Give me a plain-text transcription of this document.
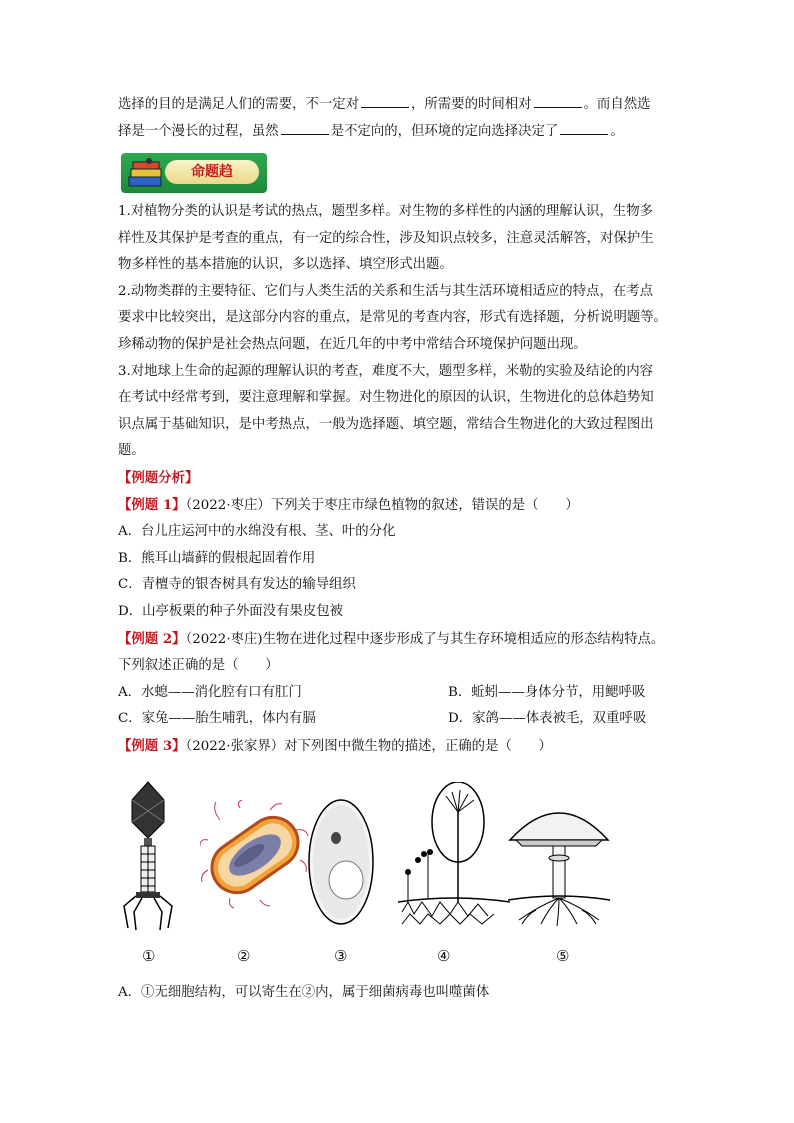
选择的目的是满足人们的需要，不一定对	，所需要的时间相对	。而自然选

择是一个漫长的过程，虽然	是不定向的，但环境的定向选择决定了	。

命题趋

1.对植物分类的认识是考试的热点，题型多样。对生物的多样性的内涵的理解认识，生物多

样性及其保护是考查的重点，有一定的综合性，涉及知识点较多，注意灵活解答，对保护生

物多样性的基本措施的认识，多以选择、填空形式出题。

2.动物类群的主要特征、它们与人类生活的关系和生活与其生活环境相适应的特点，在考点

要求中比较突出，是这部分内容的重点，是常见的考查内容，形式有选择题，分析说明题等。

珍稀动物的保护是社会热点问题，在近几年的中考中常结合环境保护问题出现。

3.对地球上生命的起源的理解认识的考查，难度不大，题型多样，米勒的实验及结论的内容

在考试中经常考到，要注意理解和掌握。对生物进化的原因的认识，生物进化的总体趋势知

识点属于基础知识，是中考热点，一般为选择题、填空题，常结合生物进化的大致过程图出

题。

【例题分析】

【例题 1】（2022·枣庄）下列关于枣庄市绿色植物的叙述，错误的是（　　）

A．台儿庄运河中的水绵没有根、茎、叶的分化

B．熊耳山墙藓的假根起固着作用

C．青檀寺的银杏树具有发达的输导组织

D．山亭板栗的种子外面没有果皮包被

【例题 2】（2022·枣庄)生物在进化过程中逐步形成了与其生存环境相适应的形态结构特点。

下列叙述正确的是（　　）

A．水螅——消化腔有口有肛门	B．蚯蚓——身体分节，用鳃呼吸
C．家兔——胎生哺乳，体内有膈	D．家鸽——体表被毛，双重呼吸

【例题 3】（2022·张家界）对下列图中微生物的描述，正确的是（　　）

①	②	③	④	⑤

A．①无细胞结构，可以寄生在②内，属于细菌病毒也叫噬菌体
